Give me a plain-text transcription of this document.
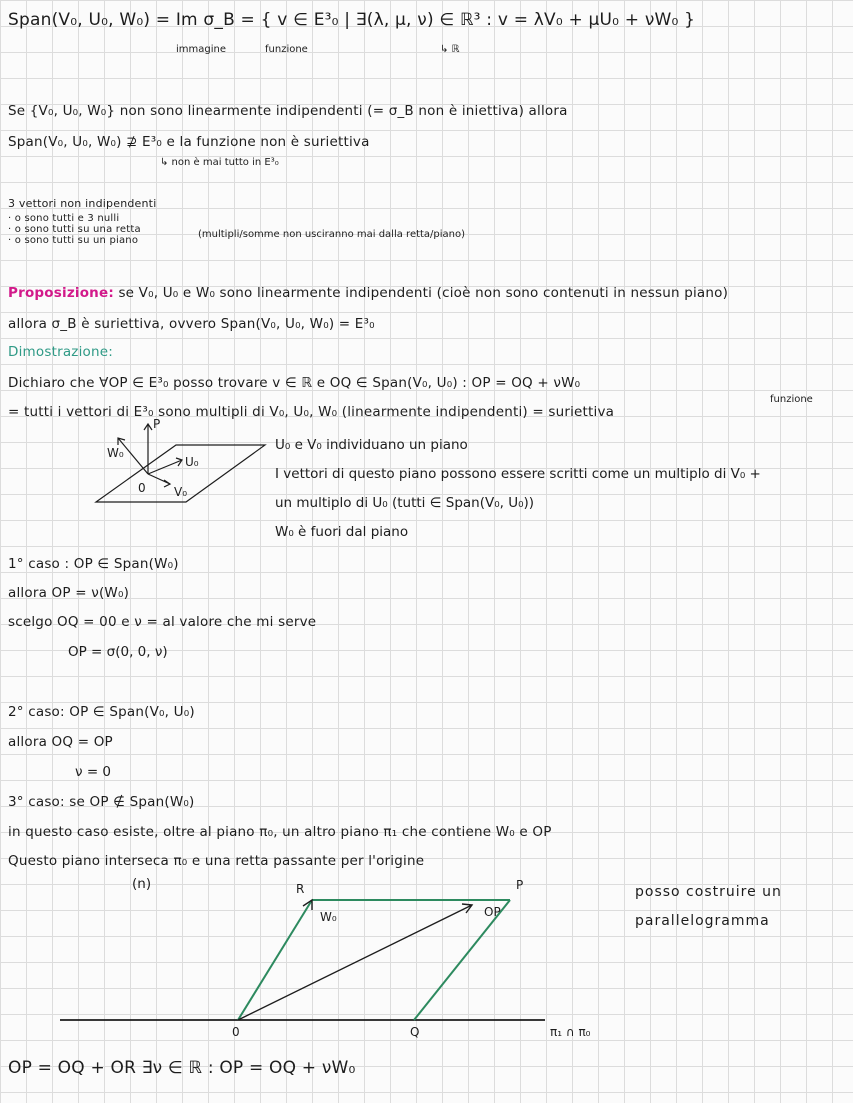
Span(V₀, U₀, W₀) = Im σ_B = { v ∈ E³₀ | ∃(λ, μ, ν) ∈ ℝ³ : v = λV₀ + μU₀ + νW₀ }
immagine	funzione	↳ ℝ
Se {V₀, U₀, W₀} non sono linearmente indipendenti (= σ_B non è iniettiva) allora
Span(V₀, U₀, W₀) ⊉ E³₀ e la funzione non è suriettiva
↳ non è mai tutto in E³₀
3 vettori non indipendenti
· o sono tutti e 3 nulli
· o sono tutti su una retta
· o sono tutti su un piano
(multipli/somme non usciranno mai dalla retta/piano)
Proposizione: se V₀, U₀ e W₀ sono linearmente indipendenti (cioè non sono contenuti in nessun piano)
allora σ_B è suriettiva, ovvero Span(V₀, U₀, W₀) = E³₀
Dimostrazione:
Dichiaro che ∀OP ∈ E³₀ posso trovare v ∈ ℝ e OQ ∈ Span(V₀, U₀) : OP = OQ + νW₀
funzione
= tutti i vettori di E³₀ sono multipli di V₀, U₀, W₀ (linearmente indipendenti) = suriettiva
U₀ e V₀ individuano un piano
I vettori di questo piano possono essere scritti come un multiplo di V₀ +
un multiplo di U₀ (tutti ∈ Span(V₀, U₀))
W₀ è fuori dal piano
1° caso : OP ∈ Span(W₀)
allora OP = ν(W₀)
scelgo OQ = 00 e ν = al valore che mi serve
OP = σ(0, 0, ν)
2° caso: OP ∈ Span(V₀, U₀)
allora OQ = OP
ν = 0
3° caso: se OP ∉ Span(W₀)
in questo caso esiste, oltre al piano π₀, un altro piano π₁ che contiene W₀ e OP
Questo piano interseca π₀ e una retta passante per l'origine
(n)	posso costruire un
parallelogramma
OP = OQ + OR ∃ν ∈ ℝ : OP = OQ + νW₀
P
W₀
U₀
0 V₀
R	P
W₀	OP
0	Q	π₁ ∩ π₀
